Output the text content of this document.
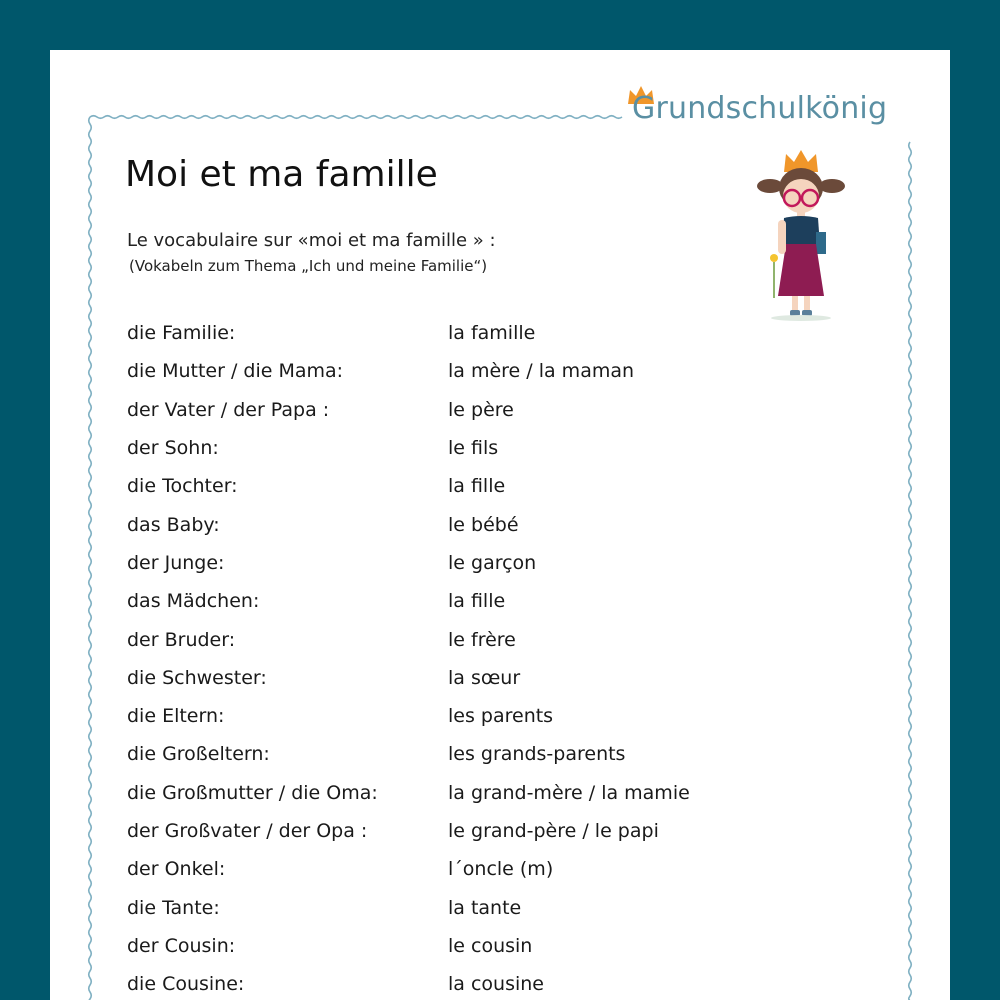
Grundschulkönig
Moi et ma famille
Le vocabulaire sur «moi et ma famille » :
(Vokabeln zum Thema „Ich und meine Familie“)
die Familie:	la famille
die Mutter / die Mama:	la mère / la maman
der Vater / der Papa :	le père
der Sohn:	le fils
die Tochter:	la fille
das Baby:	le bébé
der Junge:	le garçon
das Mädchen:	la fille
der Bruder:	le frère
die Schwester:	la sœur
die Eltern:	les parents
die Großeltern:	les grands-parents
die Großmutter / die Oma:	la grand-mère / la mamie
der Großvater / der Opa :	le grand-père / le papi
der Onkel:	l´oncle (m)
die Tante:	la tante
der Cousin:	le cousin
die Cousine:	la cousine
